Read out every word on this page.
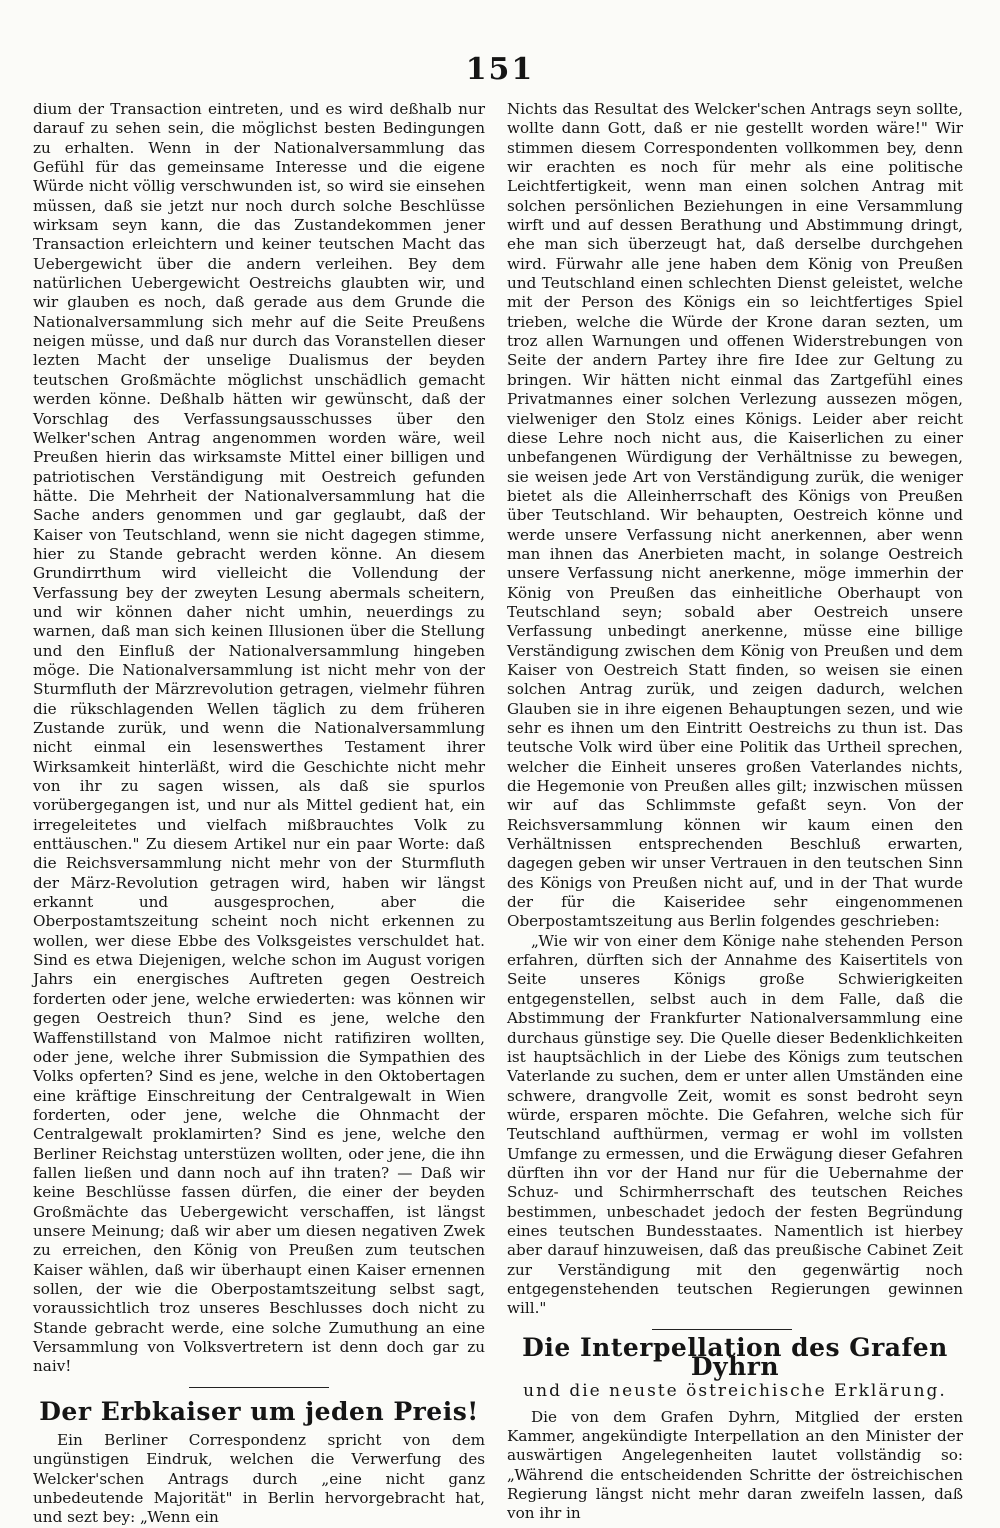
151

dium der Transaction eintreten, und es wird deßhalb nur darauf zu sehen sein, die möglichst besten Bedingungen zu erhalten. Wenn in der Nationalversammlung das Gefühl für das gemeinsame Interesse und die eigene Würde nicht völlig verschwunden ist, so wird sie einsehen müssen, daß sie jetzt nur noch durch solche Beschlüsse wirksam seyn kann, die das Zustandekommen jener Transaction erleichtern und keiner teutschen Macht das Uebergewicht über die andern verleihen. Bey dem natürlichen Uebergewicht Oestreichs glaubten wir, und wir glauben es noch, daß gerade aus dem Grunde die Nationalversammlung sich mehr auf die Seite Preußens neigen müsse, und daß nur durch das Voranstellen dieser lezten Macht der unselige Dualismus der beyden teutschen Großmächte möglichst unschädlich gemacht werden könne. Deßhalb hätten wir gewünscht, daß der Vorschlag des Verfassungsausschusses über den Welker'schen Antrag angenommen worden wäre, weil Preußen hierin das wirksamste Mittel einer billigen und patriotischen Verständigung mit Oestreich gefunden hätte. Die Mehrheit der Nationalversammlung hat die Sache anders genommen und gar geglaubt, daß der Kaiser von Teutschland, wenn sie nicht dagegen stimme, hier zu Stande gebracht werden könne. An diesem Grundirrthum wird vielleicht die Vollendung der Verfassung bey der zweyten Lesung abermals scheitern, und wir können daher nicht umhin, neuerdings zu warnen, daß man sich keinen Illusionen über die Stellung und den Einfluß der Nationalversammlung hingeben möge. Die Nationalversammlung ist nicht mehr von der Sturmfluth der Märzrevolution getragen, vielmehr führen die rükschlagenden Wellen täglich zu dem früheren Zustande zurük, und wenn die Nationalversammlung nicht einmal ein lesenswerthes Testament ihrer Wirksamkeit hinterläßt, wird die Geschichte nicht mehr von ihr zu sagen wissen, als daß sie spurlos vorübergegangen ist, und nur als Mittel gedient hat, ein irregeleitetes und vielfach mißbrauchtes Volk zu enttäuschen." Zu diesem Artikel nur ein paar Worte: daß die Reichsversammlung nicht mehr von der Sturmfluth der März-Revolution getragen wird, haben wir längst erkannt und ausgesprochen, aber die Oberpostamtszeitung scheint noch nicht erkennen zu wollen, wer diese Ebbe des Volksgeistes verschuldet hat. Sind es etwa Diejenigen, welche schon im August vorigen Jahrs ein energisches Auftreten gegen Oestreich forderten oder jene, welche erwiederten: was können wir gegen Oestreich thun? Sind es jene, welche den Waffenstillstand von Malmoe nicht ratifiziren wollten, oder jene, welche ihrer Submission die Sympathien des Volks opferten? Sind es jene, welche in den Oktobertagen eine kräftige Einschreitung der Centralgewalt in Wien forderten, oder jene, welche die Ohnmacht der Centralgewalt proklamirten? Sind es jene, welche den Berliner Reichstag unterstüzen wollten, oder jene, die ihn fallen ließen und dann noch auf ihn traten? — Daß wir keine Beschlüsse fassen dürfen, die einer der beyden Großmächte das Uebergewicht verschaffen, ist längst unsere Meinung; daß wir aber um diesen negativen Zwek zu erreichen, den König von Preußen zum teutschen Kaiser wählen, daß wir überhaupt einen Kaiser ernennen sollen, der wie die Oberpostamtszeitung selbst sagt, voraussichtlich troz unseres Beschlusses doch nicht zu Stande gebracht werde, eine solche Zumuthung an eine Versammlung von Volksvertretern ist denn doch gar zu naiv!

Der Erbkaiser um jeden Preis!

Ein Berliner Correspondenz spricht von dem ungünstigen Eindruk, welchen die Verwerfung des Welcker'schen Antrags durch „eine nicht ganz unbedeutende Majorität" in Berlin hervorgebracht hat, und sezt bey: „Wenn ein

Nichts das Resultat des Welcker'schen Antrags seyn sollte, wollte dann Gott, daß er nie gestellt worden wäre!" Wir stimmen diesem Correspondenten vollkommen bey, denn wir erachten es noch für mehr als eine politische Leichtfertigkeit, wenn man einen solchen Antrag mit solchen persönlichen Beziehungen in eine Versammlung wirft und auf dessen Berathung und Abstimmung dringt, ehe man sich überzeugt hat, daß derselbe durchgehen wird. Fürwahr alle jene haben dem König von Preußen und Teutschland einen schlechten Dienst geleistet, welche mit der Person des Königs ein so leichtfertiges Spiel trieben, welche die Würde der Krone daran sezten, um troz allen Warnungen und offenen Widerstrebungen von Seite der andern Partey ihre fire Idee zur Geltung zu bringen. Wir hätten nicht einmal das Zartgefühl eines Privatmannes einer solchen Verlezung aussezen mögen, vielweniger den Stolz eines Königs. Leider aber reicht diese Lehre noch nicht aus, die Kaiserlichen zu einer unbefangenen Würdigung der Verhältnisse zu bewegen, sie weisen jede Art von Verständigung zurük, die weniger bietet als die Alleinherrschaft des Königs von Preußen über Teutschland. Wir behaupten, Oestreich könne und werde unsere Verfassung nicht anerkennen, aber wenn man ihnen das Anerbieten macht, in solange Oestreich unsere Verfassung nicht anerkenne, möge immerhin der König von Preußen das einheitliche Oberhaupt von Teutschland seyn; sobald aber Oestreich unsere Verfassung unbedingt anerkenne, müsse eine billige Verständigung zwischen dem König von Preußen und dem Kaiser von Oestreich Statt finden, so weisen sie einen solchen Antrag zurük, und zeigen dadurch, welchen Glauben sie in ihre eigenen Behauptungen sezen, und wie sehr es ihnen um den Eintritt Oestreichs zu thun ist. Das teutsche Volk wird über eine Politik das Urtheil sprechen, welcher die Einheit unseres großen Vaterlandes nichts, die Hegemonie von Preußen alles gilt; inzwischen müssen wir auf das Schlimmste gefaßt seyn. Von der Reichsversammlung können wir kaum einen den Verhältnissen entsprechenden Beschluß erwarten, dagegen geben wir unser Vertrauen in den teutschen Sinn des Königs von Preußen nicht auf, und in der That wurde der für die Kaiseridee sehr eingenommenen Oberpostamtszeitung aus Berlin folgendes geschrieben:

„Wie wir von einer dem Könige nahe stehenden Person erfahren, dürften sich der Annahme des Kaisertitels von Seite unseres Königs große Schwierigkeiten entgegenstellen, selbst auch in dem Falle, daß die Abstimmung der Frankfurter Nationalversammlung eine durchaus günstige sey. Die Quelle dieser Bedenklichkeiten ist hauptsächlich in der Liebe des Königs zum teutschen Vaterlande zu suchen, dem er unter allen Umständen eine schwere, drangvolle Zeit, womit es sonst bedroht seyn würde, ersparen möchte. Die Gefahren, welche sich für Teutschland aufthürmen, vermag er wohl im vollsten Umfange zu ermessen, und die Erwägung dieser Gefahren dürften ihn vor der Hand nur für die Uebernahme der Schuz- und Schirmherrschaft des teutschen Reiches bestimmen, unbeschadet jedoch der festen Begründung eines teutschen Bundesstaates. Namentlich ist hierbey aber darauf hinzuweisen, daß das preußische Cabinet Zeit zur Verständigung mit den gegenwärtig noch entgegenstehenden teutschen Regierungen gewinnen will."

Die Interpellation des Grafen Dyhrn
und die neuste östreichische Erklärung.

Die von dem Grafen Dyhrn, Mitglied der ersten Kammer, angekündigte Interpellation an den Minister der auswärtigen Angelegenheiten lautet vollständig so: „Während die entscheidenden Schritte der östreichischen Regierung längst nicht mehr daran zweifeln lassen, daß von ihr in
